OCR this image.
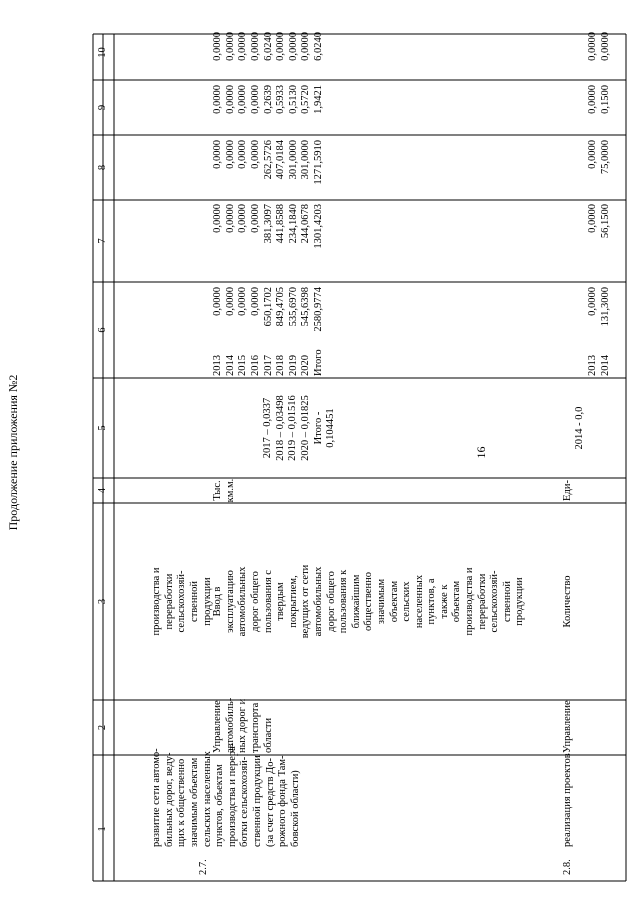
Продолжение приложения №2	16
1
2
3
4
5
6
7
8
9
10
2.7.

развитие сети автомо- бильных дорог, веду- щих к общественно значимым объектам сельских населенных пунктов, объектам производства и перера- ботки сельскохозяй- ственной продукции (за счет средств До- рожного фонда Там- бовской области)

Управление автомобиль- ных дорог и транспорта области

производства и переработки сельскохозяй- ственной продукции

Ввод в эксплуатацию автомобильных дорог общего пользования с твердым покрытием, ведущих от сети автомобильных дорог общего пользования к ближайшим общественно значимым объектам сельских населенных пунктов, а также к объектам производства и переработки сельскохозяй- ственной продукции

Тыс. км.м.

2017 – 0,0337 2018 – 0,03498 2019 – 0,01516 2020 – 0,01825 Итого - 0,104451

2013 2014 2015 2016 2017 2018 2019 2020 Итого

0,0000 0,0000 0,0000 0,0000 650,1702 849,4705 535,6970 545,6398 2580,9774

0,0000 0,0000 0,0000 0,0000 381,3097 441,8588 234,1840 244,0678 1301,4203

0,0000 0,0000 0,0000 0,0000 262,5726 407,0184 301,0000 301,0000 1271,5910

0,0000 0,0000 0,0000 0,0000 0,2639 0,5933 0,5130 0,5720 1,9421

0,0000 0,0000 0,0000 0,0000 6,0240 0,0000 0,0000 0,0000 6,0240

2.8.
реализация проектов
Управление
Количество
Еди-
2014 - 0,0

2013 2014

0,0000 131,3000

0,0000 56,1500

0,0000 75,0000

0,0000 0,1500

0,0000 0,0000
